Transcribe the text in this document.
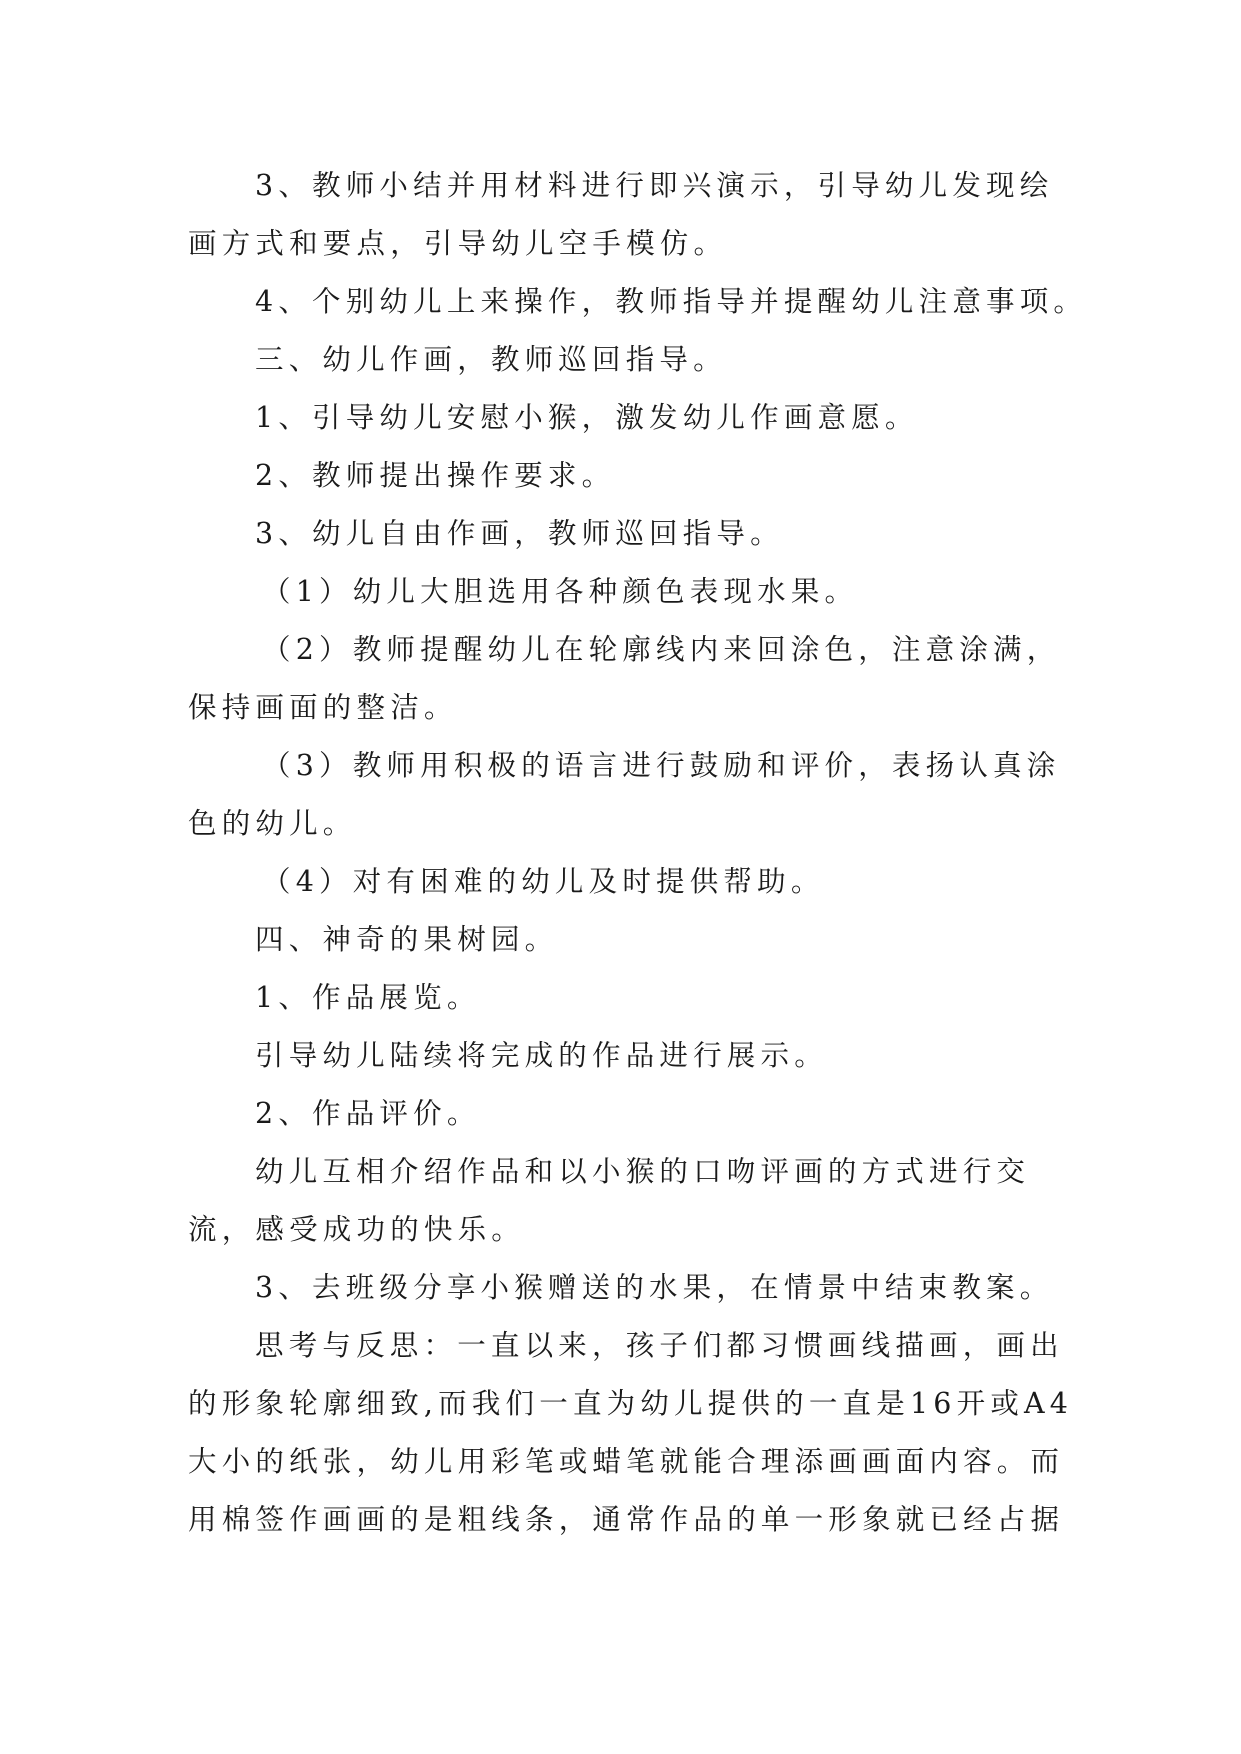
3、教师小结并用材料进行即兴演示，引导幼儿发现绘
画方式和要点，引导幼儿空手模仿。
4、个别幼儿上来操作，教师指导并提醒幼儿注意事项。
三、幼儿作画，教师巡回指导。
1、引导幼儿安慰小猴，激发幼儿作画意愿。
2、教师提出操作要求。
3、幼儿自由作画，教师巡回指导。
（1）幼儿大胆选用各种颜色表现水果。
（2）教师提醒幼儿在轮廓线内来回涂色，注意涂满，
保持画面的整洁。
（3）教师用积极的语言进行鼓励和评价，表扬认真涂
色的幼儿。
（4）对有困难的幼儿及时提供帮助。
四、神奇的果树园。
1、作品展览。
引导幼儿陆续将完成的作品进行展示。
2、作品评价。
幼儿互相介绍作品和以小猴的口吻评画的方式进行交
流，感受成功的快乐。
3、去班级分享小猴赠送的水果，在情景中结束教案。
思考与反思：一直以来，孩子们都习惯画线描画，画出
的形象轮廓细致,而我们一直为幼儿提供的一直是16开或A4
大小的纸张，幼儿用彩笔或蜡笔就能合理添画画面内容。而
用棉签作画画的是粗线条，通常作品的单一形象就已经占据
